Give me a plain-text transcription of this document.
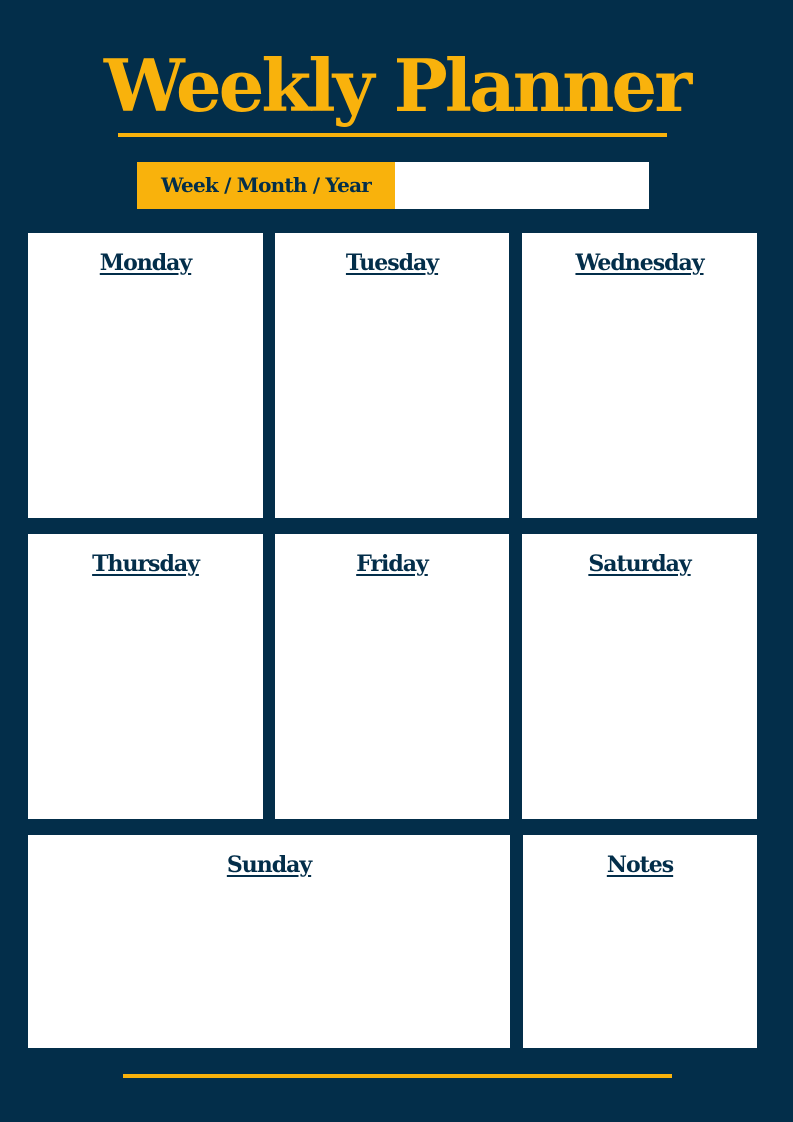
Weekly Planner
Week / Month / Year
Monday	Tuesday	Wednesday
Thursday	Friday	Saturday
Sunday	Notes
